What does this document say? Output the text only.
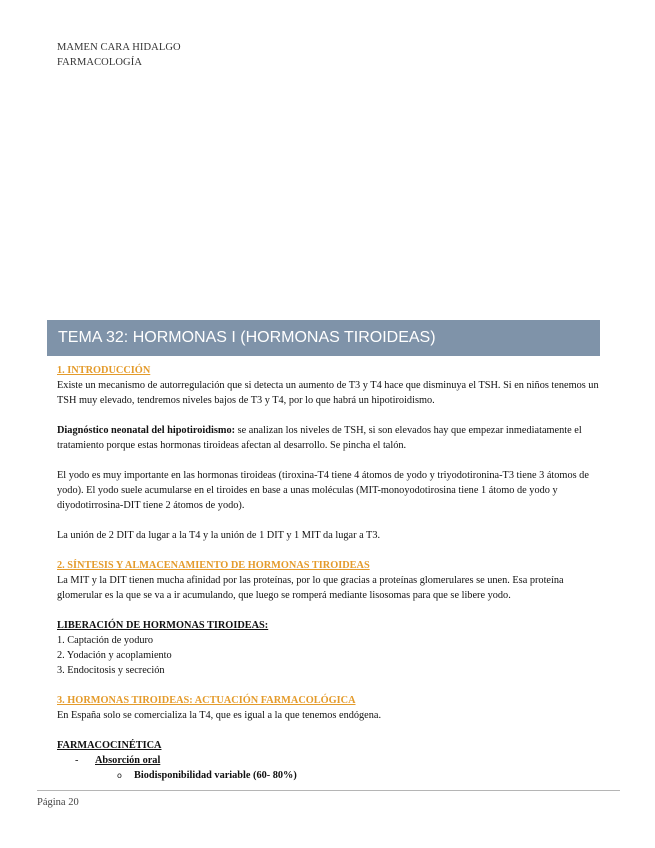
MAMEN CARA HIDALGO
FARMACOLOGÍA
TEMA 32: HORMONAS I (HORMONAS TIROIDEAS)

1. INTRODUCCIÓN

Existe un mecanismo de autorregulación que si detecta un aumento de T3 y T4 hace que disminuya el TSH. Si en niños tenemos un TSH muy elevado, tendremos niveles bajos de T3 y T4, por lo que habrá un hipotiroidismo.

Diagnóstico neonatal del hipotiroidismo: se analizan los niveles de TSH, si son elevados hay que empezar inmediatamente el tratamiento porque estas hormonas tiroideas afectan al desarrollo. Se pincha el talón.

El yodo es muy importante en las hormonas tiroideas (tiroxina-T4 tiene 4 átomos de yodo y triyodotironina-T3 tiene 3 átomos de yodo). El yodo suele acumularse en el tiroides en base a unas moléculas (MIT-monoyodotirosina tiene 1 átomo de yodo y diyodotirrosina-DIT tiene 2 átomos de yodo).

La unión de 2 DIT da lugar a la T4 y la unión de 1 DIT y 1 MIT da lugar a T3.

2. SÍNTESIS Y ALMACENAMIENTO DE HORMONAS TIROIDEAS

La MIT y la DIT tienen mucha afinidad por las proteínas, por lo que gracias a proteínas glomerulares se unen. Esa proteína glomerular es la que se va a ir acumulando, que luego se romperá mediante lisosomas para que se libere yodo.

LIBERACIÓN DE HORMONAS TIROIDEAS:

1. Captación de yoduro
2. Yodación y acoplamiento
3. Endocitosis y secreción

3. HORMONAS TIROIDEAS: ACTUACIÓN FARMACOLÓGICA

En España solo se comercializa la T4, que es igual a la que tenemos endógena.

FARMACOCINÉTICA

- Absorción oral
o Biodisponibilidad variable (60- 80%)
Página 20
